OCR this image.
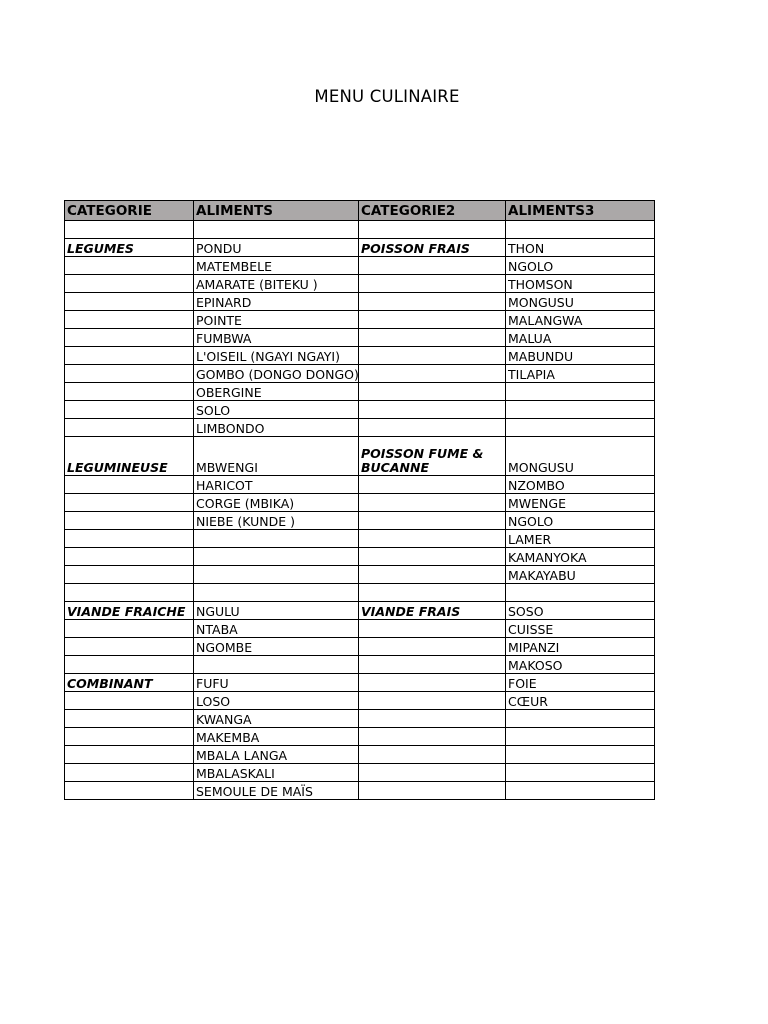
MENU CULINAIRE
CATEGORIE	ALIMENTS	CATEGORIE2	ALIMENTS3

LEGUMES	PONDU	POISSON FRAIS	THON
	MATEMBELE		NGOLO
	AMARATE (BITEKU )		THOMSON
	EPINARD		MONGUSU
	POINTE		MALANGWA
	FUMBWA		MALUA
	L'OISEIL (NGAYI NGAYI)		MABUNDU
	GOMBO (DONGO DONGO)		TILAPIA
	OBERGINE		
	SOLO		
	LIMBONDO		
LEGUMINEUSE	MBWENGI	POISSON FUME & BUCANNE	MONGUSU
	HARICOT		NZOMBO
	CORGE (MBIKA)		MWENGE
	NIEBE (KUNDE )		NGOLO
			LAMER
			KAMANYOKA
			MAKAYABU

VIANDE FRAICHE	NGULU	VIANDE FRAIS	SOSO
	NTABA		CUISSE
	NGOMBE		MIPANZI
			MAKOSO
COMBINANT	FUFU		FOIE
	LOSO		CŒUR
	KWANGA		
	MAKEMBA		
	MBALA LANGA		
	MBALASKALI		
	SEMOULE DE MAÏS		
